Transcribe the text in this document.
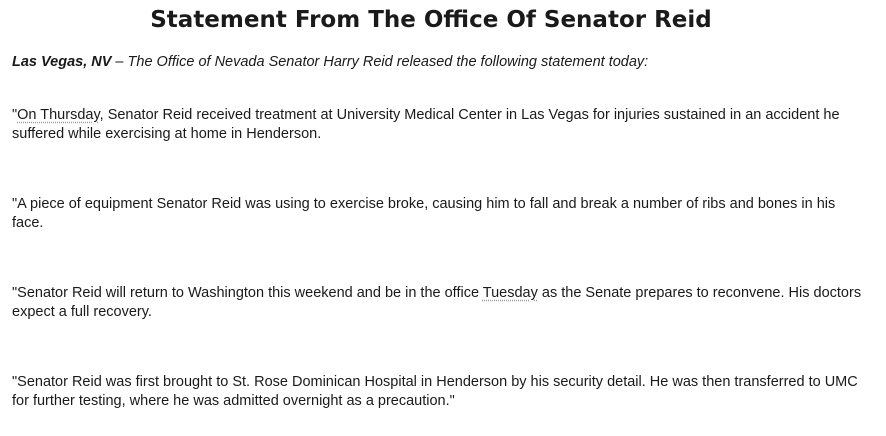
Statement From The Office Of Senator Reid
Las Vegas, NV – The Office of Nevada Senator Harry Reid released the following statement today:

"On Thursday, Senator Reid received treatment at University Medical Center in Las Vegas for injuries sustained in an accident he suffered while exercising at home in Henderson.

"A piece of equipment Senator Reid was using to exercise broke, causing him to fall and break a number of ribs and bones in his face.

"Senator Reid will return to Washington this weekend and be in the office Tuesday as the Senate prepares to reconvene. His doctors expect a full recovery.

"Senator Reid was first brought to St. Rose Dominican Hospital in Henderson by his security detail. He was then transferred to UMC for further testing, where he was admitted overnight as a precaution."
